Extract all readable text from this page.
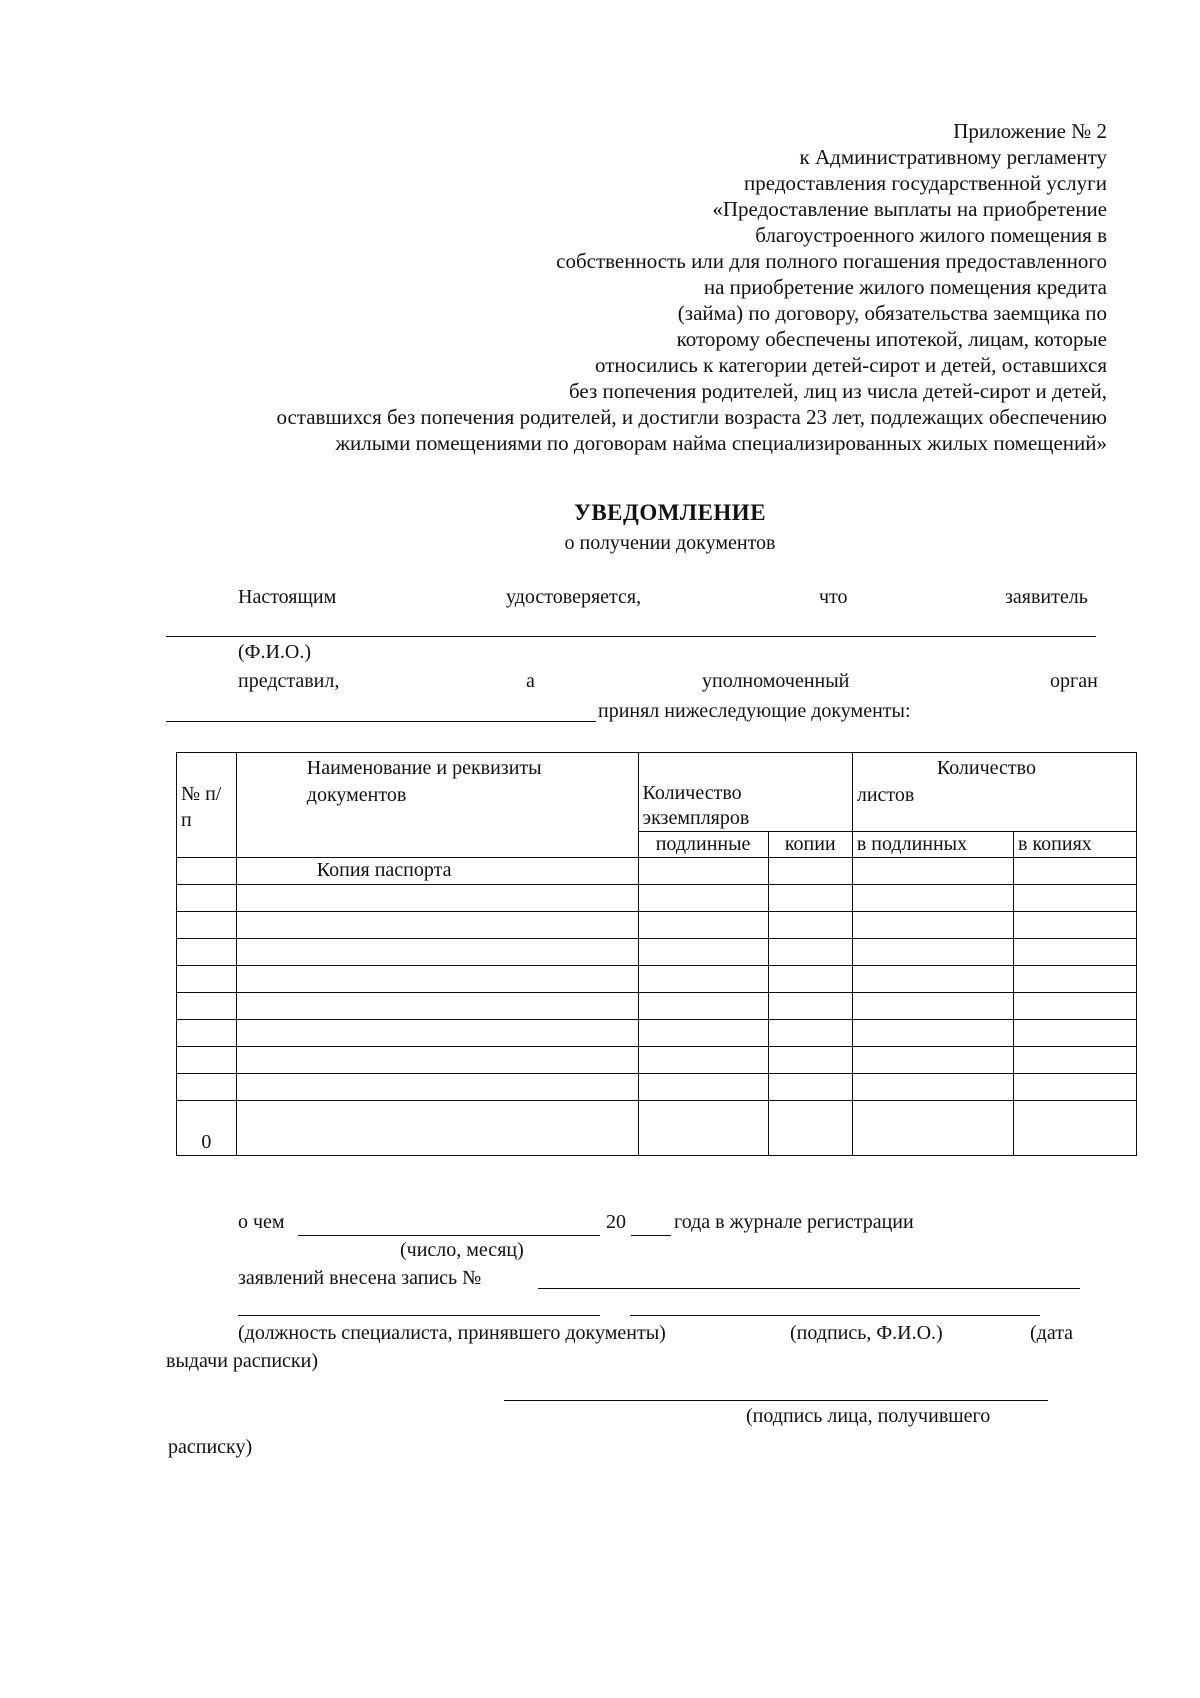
Приложение № 2
к Административному регламенту
предоставления государственной услуги
«Предоставление выплаты на приобретение
благоустроенного жилого помещения в
собственность или для полного погашения предоставленного
на приобретение жилого помещения кредита
(займа) по договору, обязательства заемщика по
которому обеспечены ипотекой, лицам, которые
относились к категории детей-сирот и детей, оставшихся
без попечения родителей, лиц из числа детей-сирот и детей,
оставшихся без попечения родителей, и достигли возраста 23 лет, подлежащих обеспечению
жилыми помещениями по договорам найма специализированных жилых помещений»
УВЕДОМЛЕНИЕ
о получении документов
Настоящим	удостоверяется,	что	заявитель
(Ф.И.О.)
представил,	а	уполномоченный	орган
принял нижеследующие документы:
№ п/п	Наименование и реквизиты документов	Количество экземпляров		Количество листов	
		подлинные	копии	в подлинных	в копиях
	Копия паспорта				

0					
о чем	20 года в журнале регистрации
(число, месяц)
заявлений внесена запись №
(должность специалиста, принявшего документы)	(подпись, Ф.И.О.)	(дата
выдачи расписки)
(подпись лица, получившего
расписку)
